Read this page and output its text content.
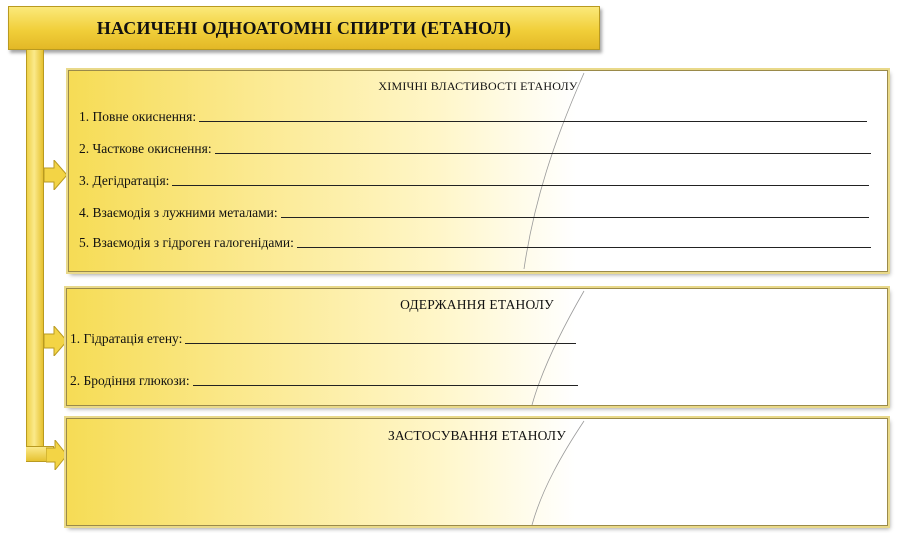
НАСИЧЕНІ ОДНОАТОМНІ СПИРТИ (ЕТАНОЛ)
ХІМІЧНІ ВЛАСТИВОСТІ ЕТАНОЛУ
1. Повне окиснення:
2. Часткове окиснення:
3. Дегідратація:
4. Взаємодія з лужними металами:
5. Взаємодія з гідроген галогенідами:
ОДЕРЖАННЯ ЕТАНОЛУ
1. Гідратація етену:
2. Бродіння глюкози:
ЗАСТОСУВАННЯ ЕТАНОЛУ
